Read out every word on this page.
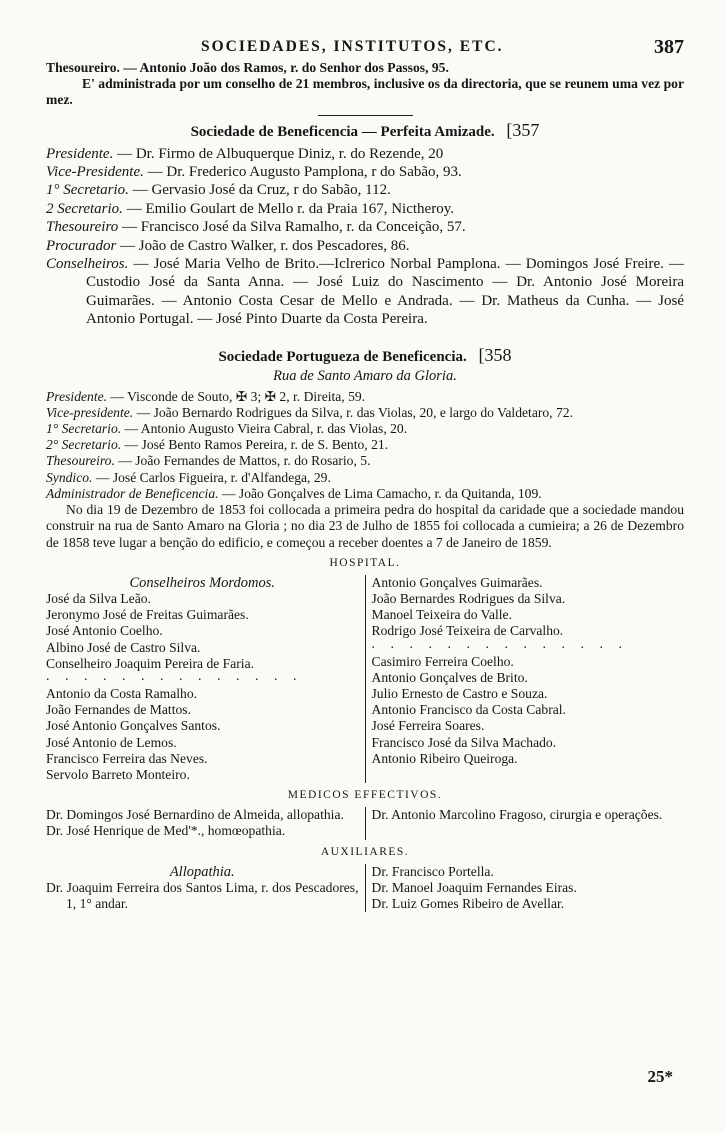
SOCIEDADES, INSTITUTOS, ETC.	387

Thesoureiro. — Antonio João dos Ramos, r. do Senhor dos Passos, 95.

E' administrada por um conselho de 21 membros, inclusive os da directoria, que se reunem uma vez por mez.

Sociedade de Beneficencia — Perfeita Amizade. [357

Presidente. — Dr. Firmo de Albuquerque Diniz, r. do Rezende, 20

Vice-Presidente. — Dr. Frederico Augusto Pamplona, r do Sabão, 93.

1° Secretario. — Gervasio José da Cruz, r do Sabão, 112.

2 Secretario. — Emilio Goulart de Mello r. da Praia 167, Nictheroy.

Thesoureiro — Francisco José da Silva Ramalho, r. da Conceição, 57.

Procurador — João de Castro Walker, r. dos Pescadores, 86.

Conselheiros. — José Maria Velho de Brito.—Iclrerico Norbal Pamplona. — Domingos José Freire. — Custodio José da Santa Anna. — José Luiz do Nascimento — Dr. Antonio José Moreira Guimarães. — Antonio Costa Cesar de Mello e Andrada. — Dr. Matheus da Cunha. — José Antonio Portugal. — José Pinto Duarte da Costa Pereira.

Sociedade Portugueza de Beneficencia. [358
Rua de Santo Amaro da Gloria.

Presidente. — Visconde de Souto, ✠ 3; ✠ 2, r. Direita, 59.

Vice-presidente. — João Bernardo Rodrigues da Silva, r. das Violas, 20, e largo do Valdetaro, 72.

1° Secretario. — Antonio Augusto Vieira Cabral, r. das Violas, 20.

2° Secretario. — José Bento Ramos Pereira, r. de S. Bento, 21.

Thesoureiro. — João Fernandes de Mattos, r. do Rosario, 5.

Syndico. — José Carlos Figueira, r. d'Alfandega, 29.

Administrador de Beneficencia. — João Gonçalves de Lima Camacho, r. da Quitanda, 109.

No dia 19 de Dezembro de 1853 foi collocada a primeira pedra do hospital da caridade que a sociedade mandou construir na rua de Santo Amaro na Gloria ; no dia 23 de Julho de 1855 foi collocada a cumieira; a 26 de Dezembro de 1858 teve lugar a benção do edificio, e começou a receber doentes a 7 de Janeiro de 1859.

HOSPITAL.
Conselheiros Mordomos.
José da Silva Leão.
Jeronymo José de Freitas Guimarães.
José Antonio Coelho.
Albino José de Castro Silva.
Conselheiro Joaquim Pereira de Faria.
. . . . . . . . . . . . . .
Antonio da Costa Ramalho.
João Fernandes de Mattos.
José Antonio Gonçalves Santos.
José Antonio de Lemos.
Francisco Ferreira das Neves.
Servolo Barreto Monteiro.
Antonio Gonçalves Guimarães.
João Bernardes Rodrigues da Silva.
Manoel Teixeira do Valle.
Rodrigo José Teixeira de Carvalho.
. . . . . . . . . . . . . .
Casimiro Ferreira Coelho.
Antonio Gonçalves de Brito.
Julio Ernesto de Castro e Souza.
Antonio Francisco da Costa Cabral.
José Ferreira Soares.
Francisco José da Silva Machado.
Antonio Ribeiro Queiroga.
MEDICOS EFFECTIVOS.
Dr. Domingos José Bernardino de Almeida, allopathia.
Dr. José Henrique de Med'*., homœopathia.
Dr. Antonio Marcolino Fragoso, cirurgia e operações.
AUXILIARES.
Allopathia.
Dr. Joaquim Ferreira dos Santos Lima, r. dos Pescadores, 1, 1° andar.
Dr. Francisco Portella.
Dr. Manoel Joaquim Fernandes Eiras.
Dr. Luiz Gomes Ribeiro de Avellar.
25*
